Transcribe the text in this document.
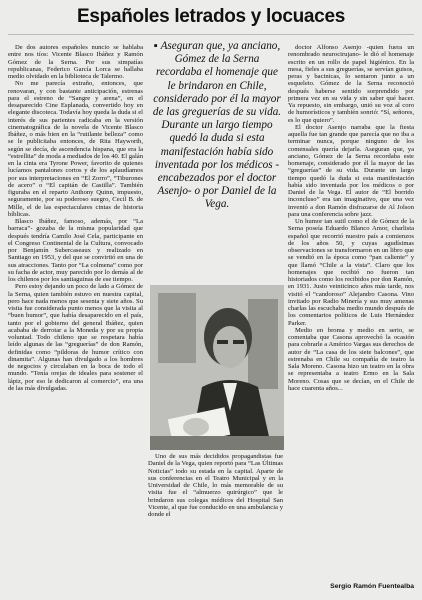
Españoles letrados y locuaces

De dos autores españoles nuncio se hablaba entre nos tíos: Vicente Blasco Ibáñez y Ramón Gómez de la Serna. Por sus simpatías republicanas, Federico García Lorca se hallaba medio olvidado en la biblioteca de Talermo.

No me parecía extraño, entonces, que renovaran, y con bastante anticipación, estrenas para el estreno de “Sangre y arena”, en el desaparecido Cine Esplanada, convertido hoy en elegante discoteca. Todavía hoy queda la duda si el interés de sus parientes radicaba en la versión cinematográfica de la novela de Vicente Blasco Ibáñez, o más bien en la “rutilante belleza” como se le publicitaba entonces, de Rita Hayworth, según se decía, de ascendencia hispana, que era la “estrellita” de moda a mediados de los 40. El galán en la cinta era Tyrone Power, favorito de quienes lucíamos pantalones cortos y de los aplaudíamos por sus interpretaciones en “El Zorro”, “Tiburones de acero” o “El capitán de Castilla”. También figuraba en el reparto Anthony Quinn, impuesto, seguramente, por su poderoso suegro, Cecil B. de Mille, el de las espectaculares cintas de historia bíblicas.

Blasco Ibáñez, famoso, además, por “La barraca”- gozaba de la misma popularidad que después tendría Camilo José Cela, participante en el Congreso Continental de la Cultura, convocado por Benjamín Subercaseaux y realizado en Santiago en 1953, y del que se convirtió en una de sus atracciones. Tanto por “La colmena” como por su facha de actor, muy parecido por lo demás al de los chilenos por los santiaguinas de ese tiempo.

Pero estoy dejando un poco de lado a Gómez de la Serna, quien también estuvo en nuestra capital, pero hace nada menos que sesenta y siete años. Su visita fue considerada punto menos que la visita al “buen humor”, que había desaparecido en el país, tanto por el gobierno del general Ibáñez, quien acababa de derrotar a la Moneda y por su propia voluntad. Todo chileno que se respetara había leído algunas de las “greguerías” de don Ramón, definidas como “pildoras de humor crítico con dinamita”. Algunas han divulgado a los hombres de negocios y circulaban en la boca de todo el mundo. “Tenía orejas de ideales para sostener el lápiz, por eso le dedicaron al comercio”, era una de las más divulgadas.

▪ Aseguran que, ya anciano, Gómez de la Serna recordaba el homenaje que le brindaron en Chile, considerado por él la mayor de las greguerías de su vida. Durante un largo tiempo quedó la duda si esta manifestación había sido inventada por los médicos -encabezados por el doctor Asenjo- o por Daniel de la Vega.

Uno de sus más decididos propagandistas fue Daniel de la Vega, quien reportó para “Las Últimas Noticias” todo su estada en la capital. Aparte de sus conferencias en el Teatro Municipal y en la Universidad de Chile, lo más memorable de su visita fue el “almuerzo quirúrgico” que le brindaron sus colegas médicos del Hospital San Vicente, al que fue conducido en una ambulancia y donde el

doctor Alfonso Asenjo -quien fuera un renombrado neurocirujano- le dió el homenaje escrito en un rollo de papel higiénico. En la mesa, fieles a sus greguerías, se servían guisos, peras y bacinicas, lo sentaron junto a un esqueleto. Gómez de la Serna reconoció después haberse sentido sorprendido por primera vez en su vida y sin saber qué hacer. Ya repuesto, sin embargo, unió su voz al coro de humorísticos y también sonrió: “Sí, señores, es lo que quiero”.

El doctor Asenjo narraba que la fiesta aquella fue tan grande que parecía que no iba a terminar nunca, porque ninguno de los comensales quería dejarla. Aseguran que, ya anciano, Gómez de la Serna recordaba este homenaje, considerado por él la mayor de las “greguerías” de su vida. Durante un largo tiempo quedó la duda si esta manifestación había sido inventada por los médicos o por Daniel de la Vega. El autor de “El borrido inconcluso” era tan imaginativo, que una vez inventó a don Ramón disfrazarse de Al Jolson para una conferencia sobre jazz.

Un humor tan sutil como el de Gómez de la Serna poseía Eduardo Blanco Amor, charlista español que recorrió nuestro país a comienzos de los años 50, y cuyas agudísimas observaciones se transformaron en un libro que se vendió en la época como “pan caliente” y que llamó “Chile a la vista”. Claro que los homenajes que recibió no fueron tan historiados como los recibidos por don Ramón, en 1931. Justo veinticinco años más tarde, nos visitó el “candoroso” Alejandro Casona. Vino invitado por Radio Minería y sus muy amenas charlas las escuchaba medio mundo después de los comentarios políticos de Luis Hernández Parker.

Medio en broma y medio en serio, se comentaba que Casona aprovechó la ocasión para cobrarle a Américo Vargas sus derechos de autor de “La casa de los siete balcones”, que estrenaba en Chile su compañía de teatro la Sala Moreno. Casona hizo un teatro en la obra se representaba a teatro Ermo en la Sala Moreno. Cosas que se decían, en el Chile de hace cuarenta años...

Sergio Ramón Fuentealba
